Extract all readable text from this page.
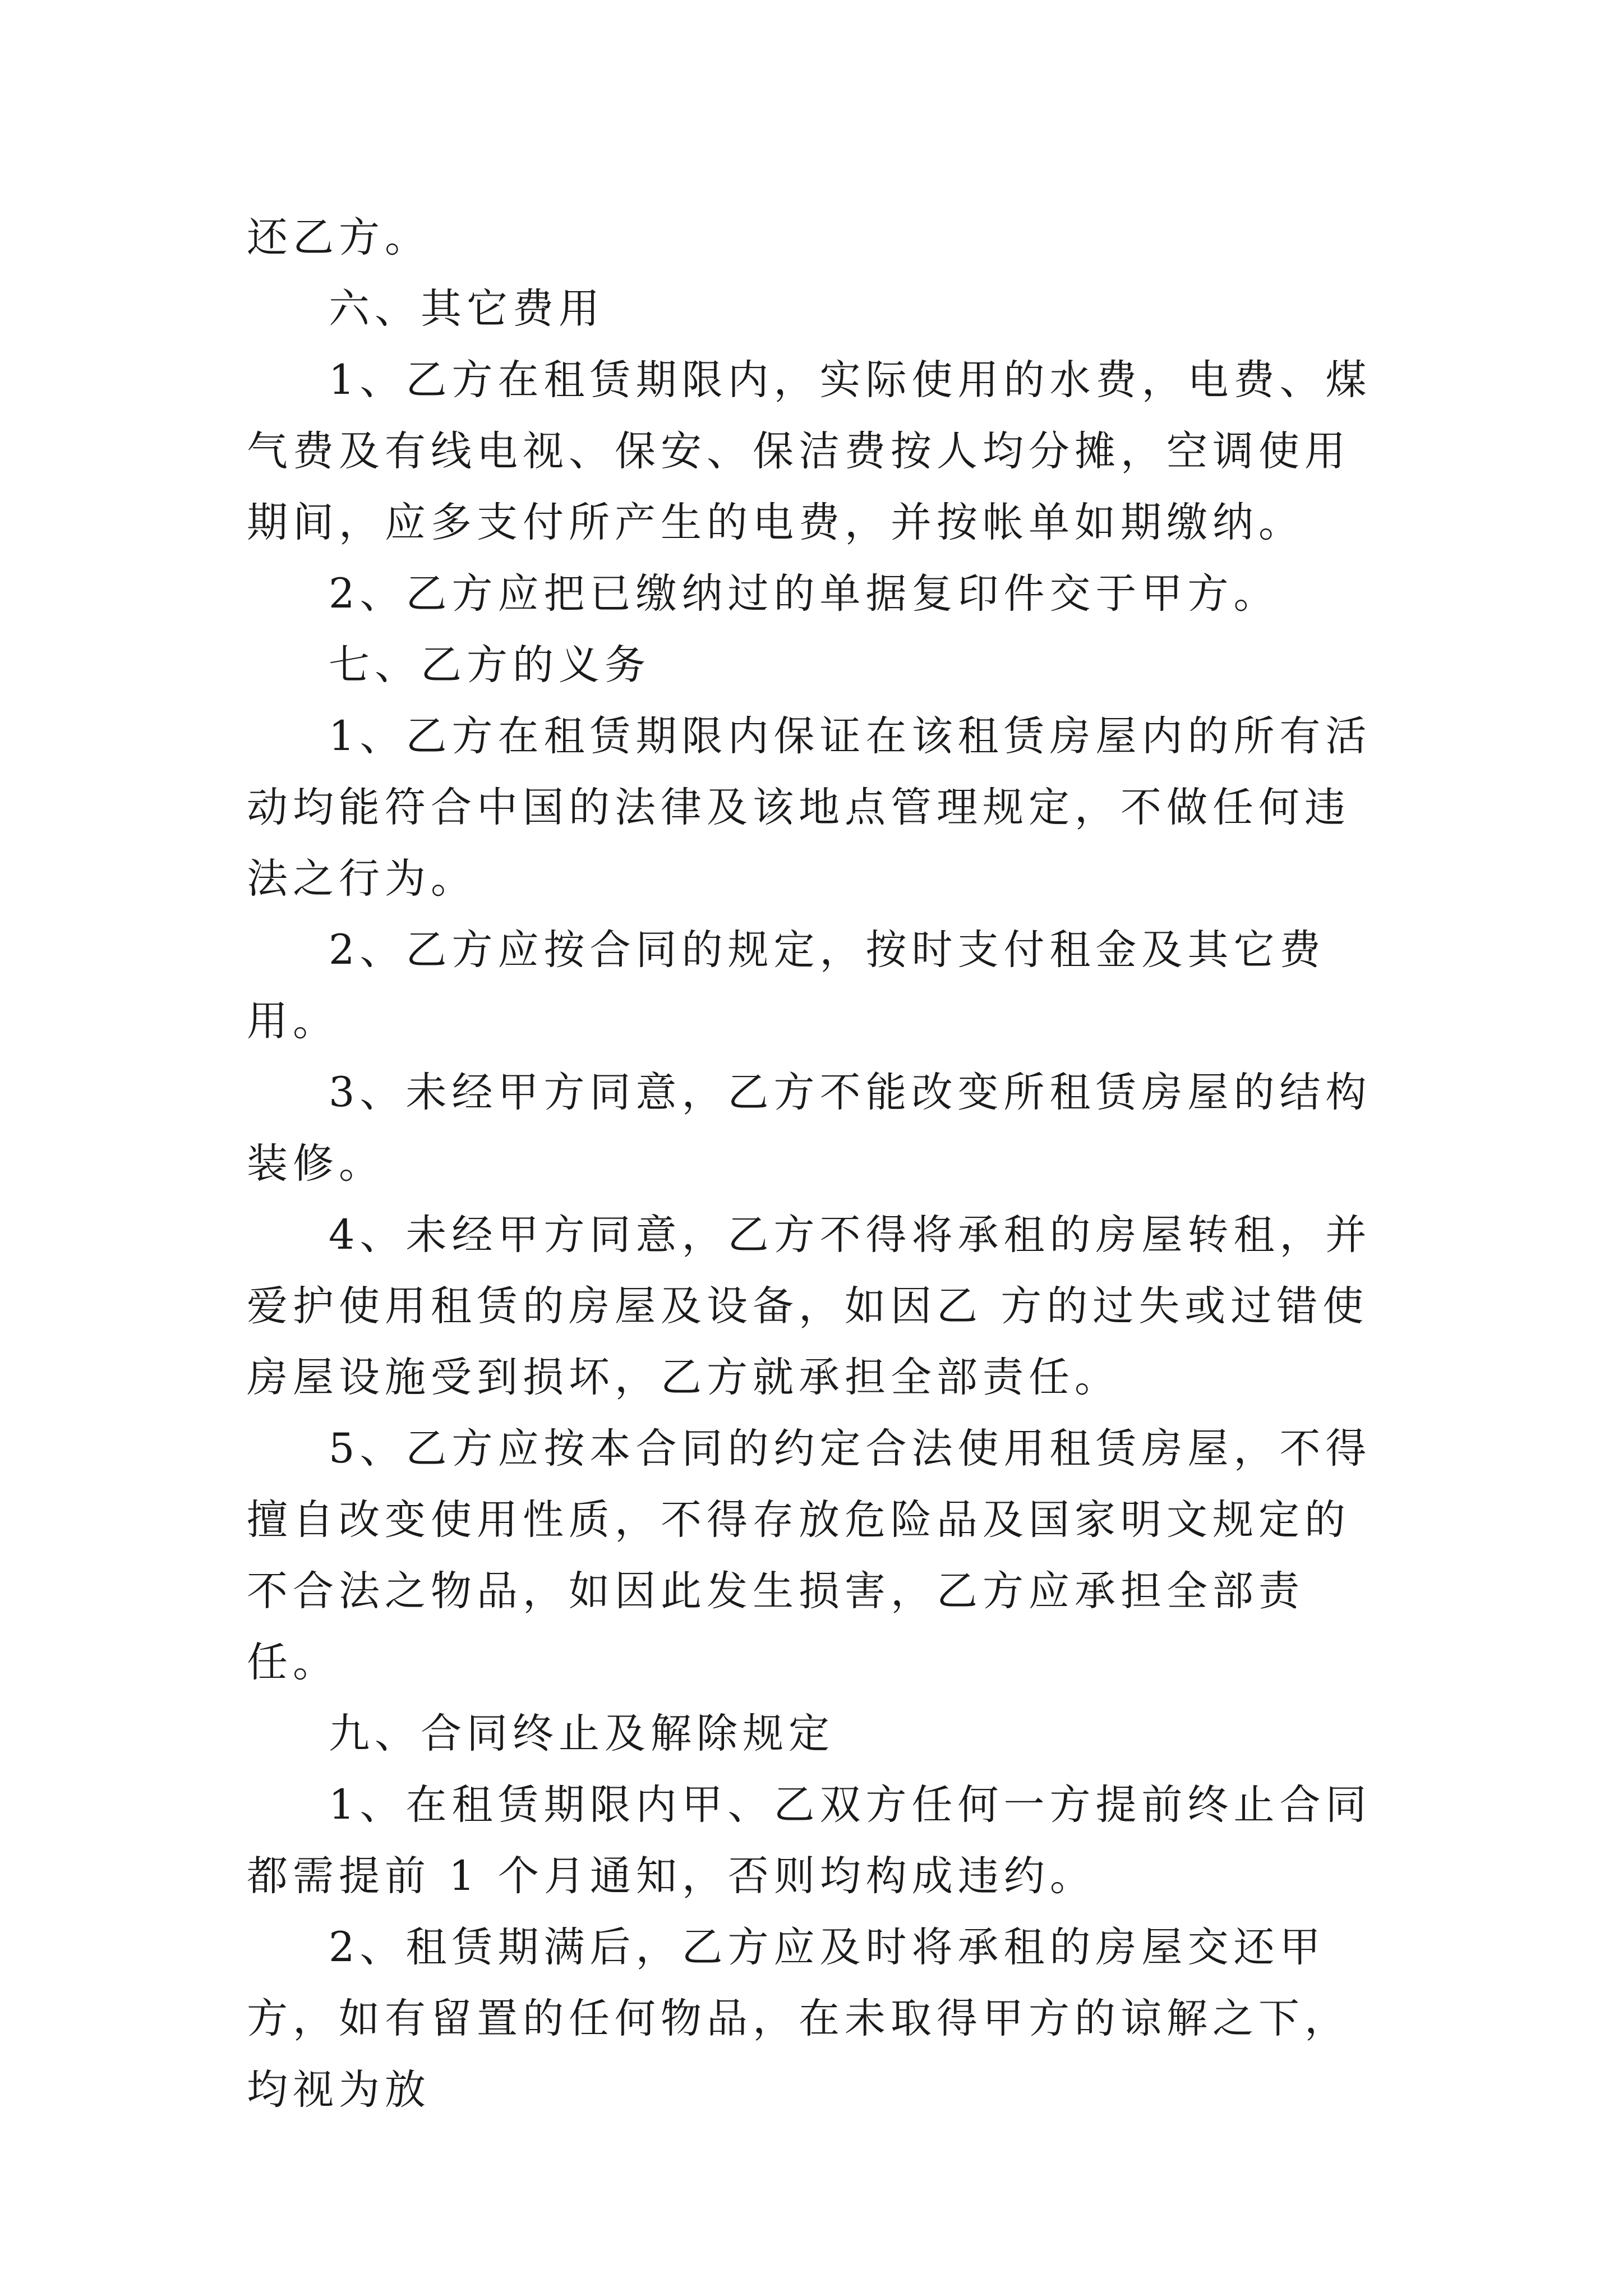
还乙方。

六、其它费用

1、乙方在租赁期限内，实际使用的水费，电费、煤气费及有线电视、保安、保洁费按人均分摊，空调使用期间，应多支付所产生的电费，并按帐单如期缴纳。

2、乙方应把已缴纳过的单据复印件交于甲方。

七、乙方的义务

1、乙方在租赁期限内保证在该租赁房屋内的所有活动均能符合中国的法律及该地点管理规定，不做任何违法之行为。

2、乙方应按合同的规定，按时支付租金及其它费用。

3、未经甲方同意，乙方不能改变所租赁房屋的结构装修。

4、未经甲方同意，乙方不得将承租的房屋转租，并爱护使用租赁的房屋及设备，如因乙 方的过失或过错使房屋设施受到损坏，乙方就承担全部责任。

5、乙方应按本合同的约定合法使用租赁房屋，不得擅自改变使用性质，不得存放危险品及国家明文规定的不合法之物品，如因此发生损害，乙方应承担全部责任。

九、合同终止及解除规定

1、在租赁期限内甲、乙双方任何一方提前终止合同都需提前 1 个月通知，否则均构成违约。

2、租赁期满后，乙方应及时将承租的房屋交还甲方，如有留置的任何物品，在未取得甲方的谅解之下，均视为放
